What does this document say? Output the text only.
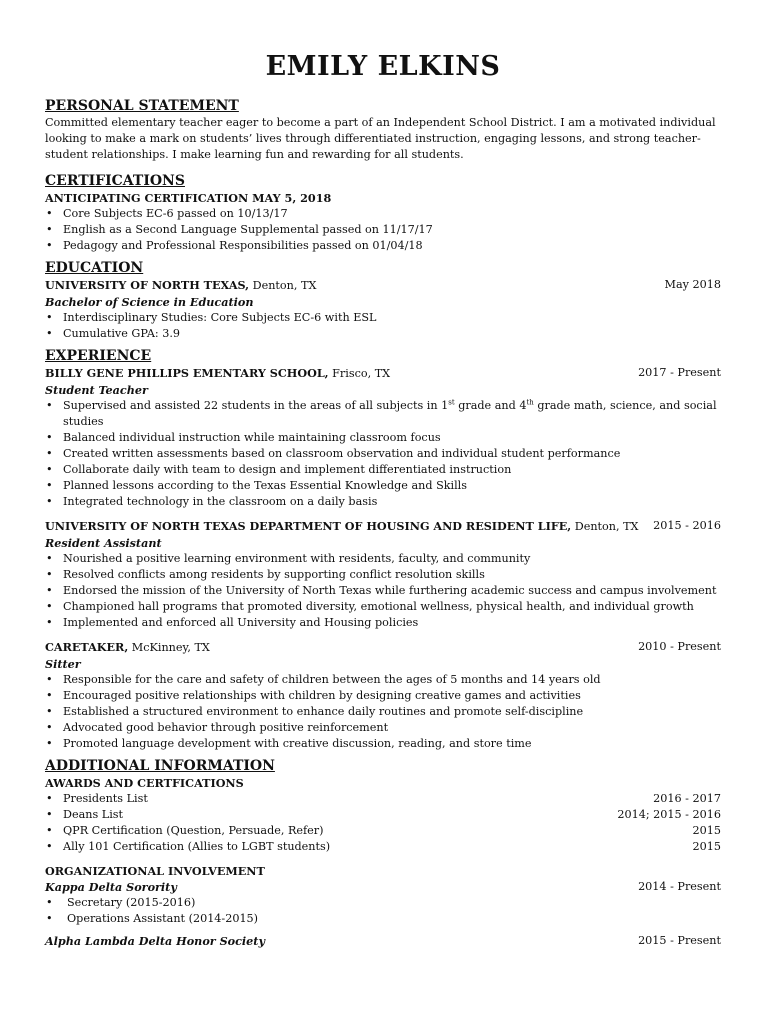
EMILY ELKINS
PERSONAL STATEMENT
Committed elementary teacher eager to become a part of an Independent School District. I am a motivated individual looking to make a mark on students’ lives through differentiated instruction, engaging lessons, and strong teacher-student relationships. I make learning fun and rewarding for all students.
CERTIFICATIONS
ANTICIPATING CERTIFICATION MAY 5, 2018
• Core Subjects EC-6 passed on 10/13/17
• English as a Second Language Supplemental passed on 11/17/17
• Pedagogy and Professional Responsibilities passed on 01/04/18
EDUCATION
UNIVERSITY OF NORTH TEXAS, Denton, TX	May 2018
Bachelor of Science in Education
• Interdisciplinary Studies: Core Subjects EC-6 with ESL
• Cumulative GPA: 3.9
EXPERIENCE
BILLY GENE PHILLIPS EMENTARY SCHOOL, Frisco, TX	2017 - Present
Student Teacher
• Supervised and assisted 22 students in the areas of all subjects in 1st grade and 4th grade math, science, and social studies
• Balanced individual instruction while maintaining classroom focus
• Created written assessments based on classroom observation and individual student performance
• Collaborate daily with team to design and implement differentiated instruction
• Planned lessons according to the Texas Essential Knowledge and Skills
• Integrated technology in the classroom on a daily basis
UNIVERSITY OF NORTH TEXAS DEPARTMENT OF HOUSING AND RESIDENT LIFE, Denton, TX 2015 - 2016
Resident Assistant
• Nourished a positive learning environment with residents, faculty, and community
• Resolved conflicts among residents by supporting conflict resolution skills
• Endorsed the mission of the University of North Texas while furthering academic success and campus involvement
• Championed hall programs that promoted diversity, emotional wellness, physical health, and individual growth
• Implemented and enforced all University and Housing policies
CARETAKER, McKinney, TX	2010 - Present
Sitter
• Responsible for the care and safety of children between the ages of 5 months and 14 years old
• Encouraged positive relationships with children by designing creative games and activities
• Established a structured environment to enhance daily routines and promote self-discipline
• Advocated good behavior through positive reinforcement
• Promoted language development with creative discussion, reading, and store time
ADDITIONAL INFORMATION
AWARDS AND CERTFICATIONS
• Presidents List	2016 - 2017
• Deans List	2014; 2015 - 2016
• QPR Certification (Question, Persuade, Refer)	2015
• Ally 101 Certification (Allies to LGBT students)	2015
ORGANIZATIONAL INVOLVEMENT
Kappa Delta Sorority	2014 - Present
• Secretary (2015-2016)
• Operations Assistant (2014-2015)
Alpha Lambda Delta Honor Society	2015 - Present
